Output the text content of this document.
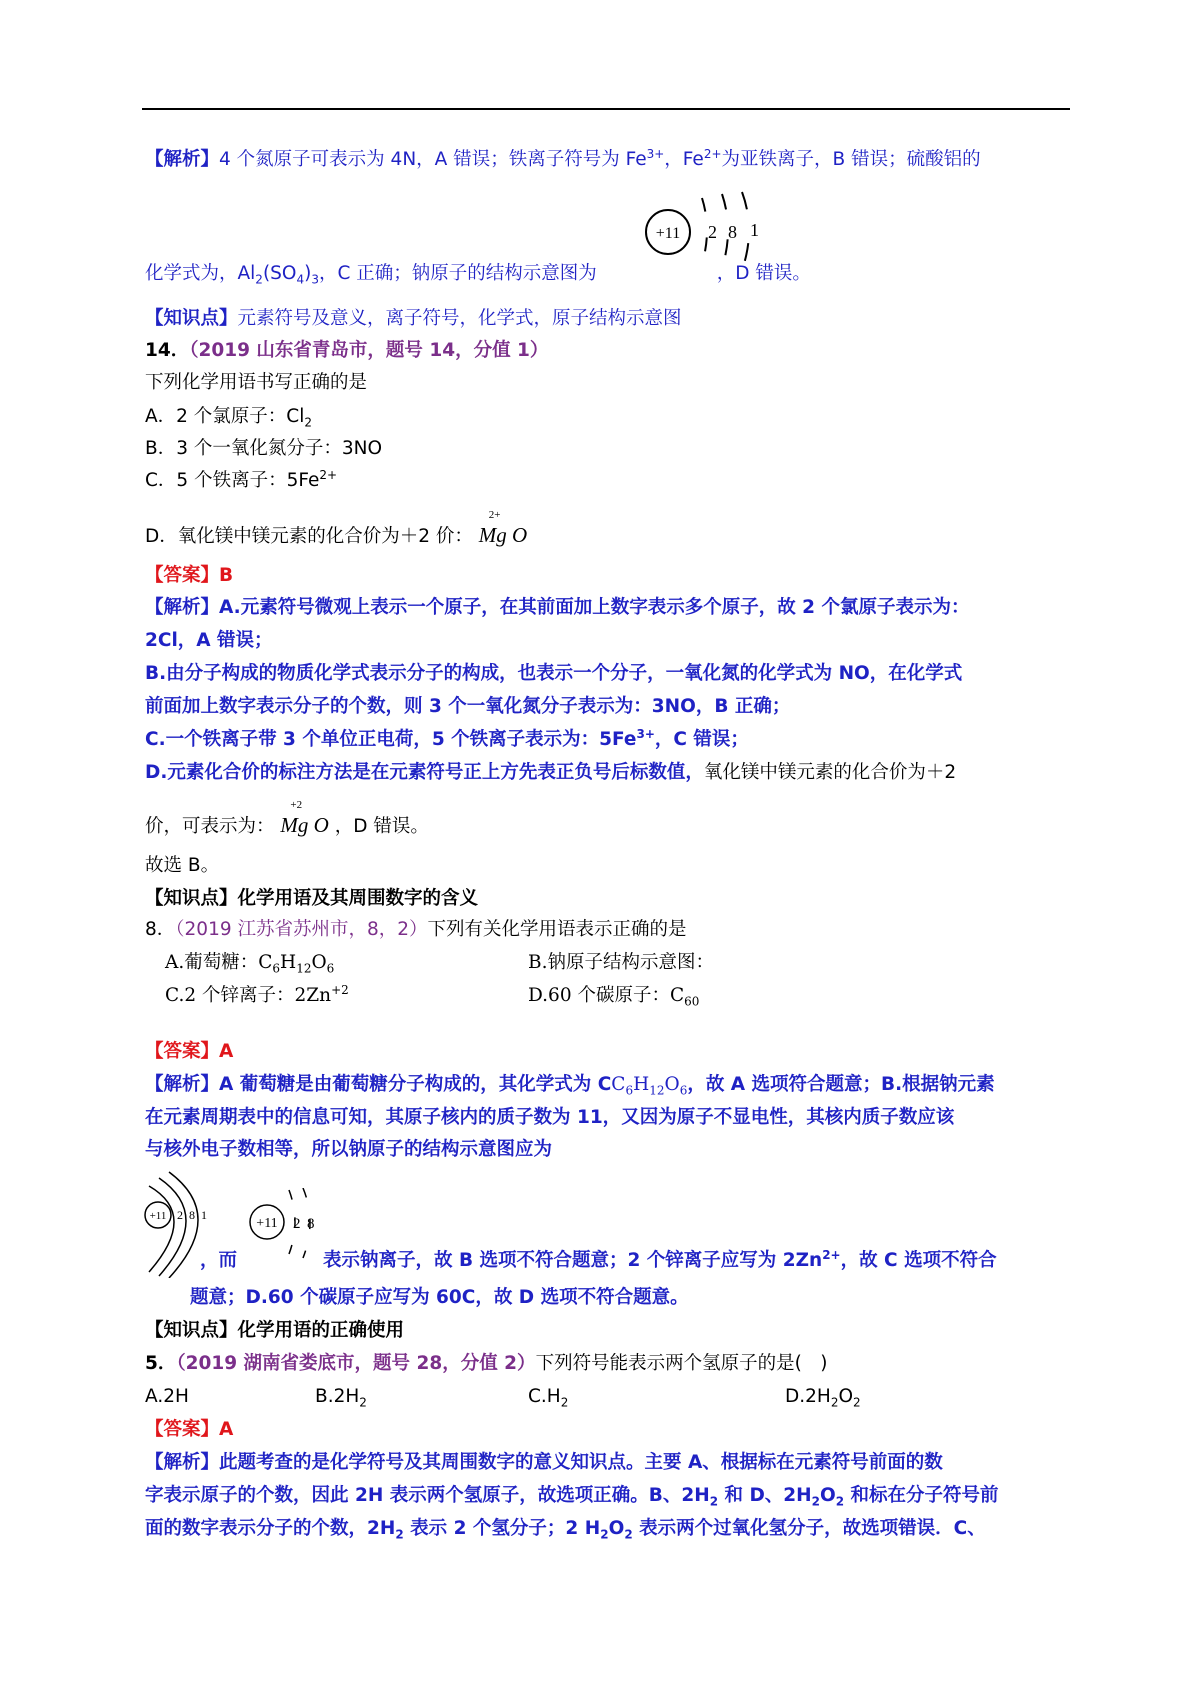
【解析】4 个氮原子可表示为 4N，A 错误；铁离子符号为 $Fe^{3+}$，$Fe^{2+}$为亚铁离子，B 错误；硫酸铝的
+11 2 8 1
化学式为，$Al_2(SO_4)_3$，C 正确；钠原子的结构示意图为	，D 错误。
【知识点】元素符号及意义，离子符号，化学式，原子结构示意图
14．（2019 山东省青岛市，题号 14，分值 1）
下列化学用语书写正确的是
A．2 个氯原子：$Cl_2$
B．3 个一氧化氮分子：3NO
C．5 个铁离子：$5Fe^{2+}$
D．氧化镁中镁元素的化合价为＋2 价：
2+
Mg O
【答案】B
【解析】A.元素符号微观上表示一个原子，在其前面加上数字表示多个原子，故 2 个氯原子表示为：
2Cl，A 错误；
B.由分子构成的物质化学式表示分子的构成，也表示一个分子，一氧化氮的化学式为 NO，在化学式
前面加上数字表示分子的个数，则 3 个一氧化氮分子表示为：3NO，B 正确；
C.一个铁离子带 3 个单位正电荷，5 个铁离子表示为：$5Fe^{3+}$，C 错误；
D.元素化合价的标注方法是在元素符号正上方先表正负号后标数值，氧化镁中镁元素的化合价为＋2
价，可表示为：
+2
Mg O ，D 错误。
故选 B。
【知识点】化学用语及其周围数字的含义
8．（2019 江苏省苏州市，8，2）下列有关化学用语表示正确的是
A.葡萄糖：$C_6H_{12}O_6$	B.钠原子结构示意图：
C.2 个锌离子：$2Zn^{+2}$	D.60 个碳原子：$C_{60}$
【答案】A
【解析】A 葡萄糖是由葡萄糖分子构成的，其化学式为 $CC_6H_{12}O_6$，故 A 选项符合题意；B.根据钠元素
在元素周期表中的信息可知，其原子核内的质子数为 11，又因为原子不显电性，其核内质子数应该
与核外电子数相等，所以钠原子的结构示意图应为
+11 2 8 1
+11 2 8
，而	表示钠离子，故 B 选项不符合题意；2 个锌离子应写为 $2Zn^{2+}$，故 C 选项不符合
题意；D.60 个碳原子应写为 60C，故 D 选项不符合题意。
【知识点】化学用语的正确使用
5．（2019 湖南省娄底市，题号 28，分值 2）下列符号能表示两个氢原子的是(　)
A.2H	$B.2H_2$	$C.H_2$	$D.2H_2O_2$
【答案】A
【解析】此题考查的是化学符号及其周围数字的意义知识点。主要 A、根据标在元素符号前面的数
字表示原子的个数，因此 2H 表示两个氢原子，故选项正确。B、$2H_2$ 和 D、$2H_2O_2$ 和标在分子符号前
面的数字表示分子的个数，$2H_2$ 表示 2 个氢分子；2 $H_2O_2$ 表示两个过氧化氢分子，故选项错误．C、
